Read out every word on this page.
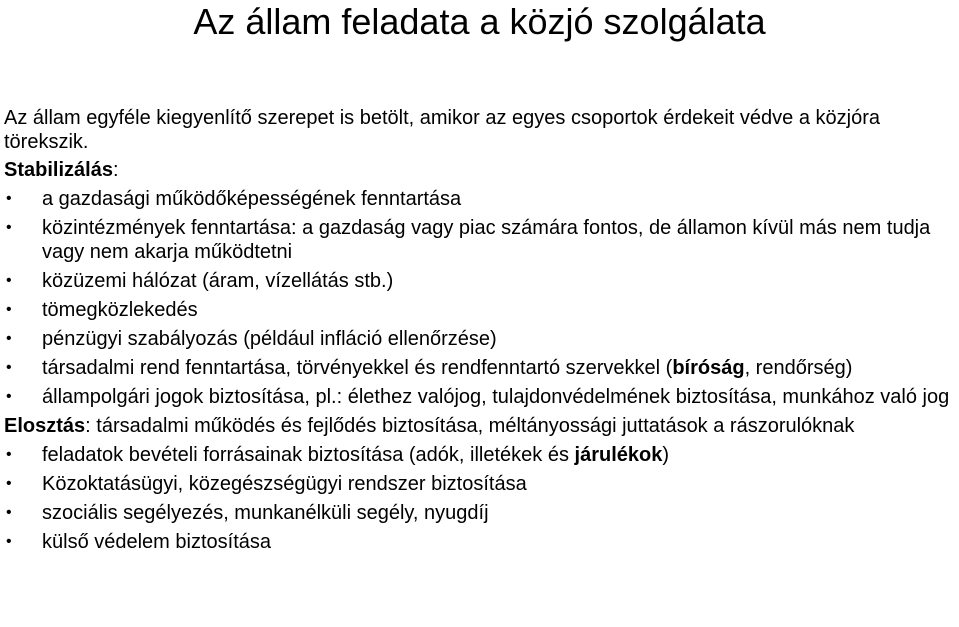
Az állam feladata a közjó szolgálata

Az állam egyféle kiegyenlítő szerepet is betölt, amikor az egyes csoportok érdekeit védve a közjóra törekszik.

Stabilizálás:

• a gazdasági működőképességének fenntartása
• közintézmények fenntartása: a gazdaság vagy piac számára fontos, de államon kívül más nem tudja vagy nem akarja működtetni
• közüzemi hálózat (áram, vízellátás stb.)
• tömegközlekedés
• pénzügyi szabályozás (például infláció ellenőrzése)
• társadalmi rend fenntartása, törvényekkel és rendfenntartó szervekkel (bíróság, rendőrség)
• állampolgári jogok biztosítása, pl.: élethez valójog, tulajdonvédelmének biztosítása, munkához való jog

Elosztás: társadalmi működés és fejlődés biztosítása, méltányossági juttatások a rászorulóknak

• feladatok bevételi forrásainak biztosítása (adók, illetékek és járulékok)
• Közoktatásügyi, közegészségügyi rendszer biztosítása
• szociális segélyezés, munkanélküli segély, nyugdíj
• külső védelem biztosítása
